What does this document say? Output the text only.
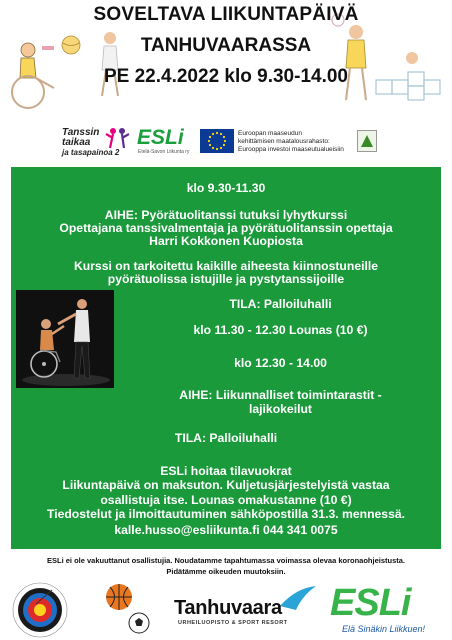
SOVELTAVA LIIKUNTAPÄIVÄ
TANHUVAARASSA
PE 22.4.2022 klo 9.30-14.00
Tanssin
taikaa
ja tasapainoa 2
ESLi
Etelä-Savon Liikunta ry
Euroopan maaseudun
kehittämisen maatalousrahasto:
Eurooppa investoi maaseutualueisiin
klo 9.30-11.30
AIHE: Pyörätuolitanssi tutuksi lyhytkurssi
Opettajana tanssivalmentaja ja pyörätuolitanssin opettaja
Harri Kokkonen Kuopiosta
Kurssi on tarkoitettu kaikille aiheesta kiinnostuneille
pyörätuolissa istujille ja pystytanssijoille
TILA: Palloiluhalli
klo 11.30 - 12.30 Lounas (10 €)
klo 12.30 - 14.00
AIHE: Liikunnalliset toimintarastit -
lajikokeilut
TILA: Palloiluhalli
ESLi hoitaa tilavuokrat
Liikuntapäivä on maksuton. Kuljetusjärjestelyistä vastaa
osallistuja itse. Lounas omakustanne (10 €)
Tiedostelut ja ilmoittautuminen sähköpostilla 31.3. mennessä.
kalle.husso@esliikunta.fi 044 341 0075
ESLi ei ole vakuuttanut osallistujia. Noudatamme tapahtumassa voimassa olevaa koronaohjeistusta.
Pidätämme oikeuden muutoksiin.
Tanhuvaara
URHEILUOPISTO & SPORT RESORT ESLi
Elä Sinäkin Liikkuen!
